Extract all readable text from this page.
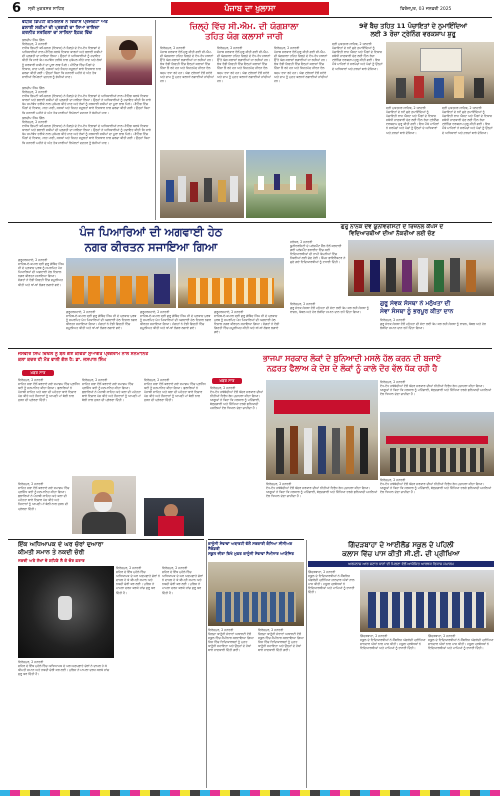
6 ਸ੍ਰੀ ਮੁਕਤਸਰ ਸਾਹਿਬ	ਪੰਜਾਬ ਦਾ ਖੁਲਾਸਾ	ਫਿਰੋਜ਼ਪੁਰ, 03 ਜਨਵਰੀ 2025
ਵਧੀਕ ਡਿਪਟੀ ਕਮਿਸ਼ਨਰ ਨੇ ਵਿਕਾਸ ਪ੍ਰੋਜੈਕਟਾਂ ਅਤੇ
ਭਲਾਈ ਸਕੀਮਾਂ ਦੀ ਪ੍ਰਗਤੀ ਦਾ ਲਿਆ ਜਾਇਜ਼ਾ
ਕਰਨੀਤ ਸਰਕਿਲਾ ਦਾ ਸਾਲਿਨਾ ਬੈਠਕ ਵਿੱਚ
ਕੁਲਦੀਪ ਸਿੰਘ ਗਿੱਲ
ਫਿਰੋਜ਼ਪੁਰ, 2 ਜਨਵਰੀ
ਵਧੀਕ ਡਿਪਟੀ ਕਮਿਸ਼ਨਰ (ਵਿਕਾਸ) ਨੇ ਜ਼ਿਲ੍ਹੇ ਦੇ ਵੱਖ-ਵੱਖ ਵਿਭਾਗਾਂ ਦੇ ਅਧਿਕਾਰੀਆਂ ਨਾਲ ਮੀਟਿੰਗ ਕਰਕੇ ਵਿਕਾਸ ਕਾਰਜਾਂ ਅਤੇ ਭਲਾਈ ਸਕੀਮਾਂ ਦੀ ਪ੍ਰਗਤੀ ਦਾ ਜਾਇਜ਼ਾ ਲਿਆ। ਉਨ੍ਹਾਂ ਨੇ ਅਧਿਕਾਰੀਆਂ ਨੂੰ ਹਦਾਇਤ ਕੀਤੀ ਕਿ ਸਾਰੇ ਕੰਮ ਸਮਾਂਬੱਧ ਤਰੀਕੇ ਨਾਲ ਮੁਕੰਮਲ ਕੀਤੇ ਜਾਣ ਅਤੇ ਲੋਕਾਂ ਨੂੰ ਸਰਕਾਰੀ ਸਕੀਮਾਂ ਦਾ ਪੂਰਾ ਲਾਭ ਮਿਲੇ। ਮੀਟਿੰਗ ਵਿੱਚ ਪਿੰਡਾਂ ਦੇ ਵਿਕਾਸ, ਸਾਫ਼ ਪਾਣੀ, ਸੜਕਾਂ ਅਤੇ ਸਿਹਤ ਸਹੂਲਤਾਂ ਬਾਰੇ ਵਿਸਥਾਰ ਨਾਲ ਚਰਚਾ ਕੀਤੀ ਗਈ। ਉਨ੍ਹਾਂ ਕਿਹਾ ਕਿ ਜਨਵਰੀ ਮਹੀਨੇ ਦੇ ਅੰਤ ਤੱਕ ਸਾਰੀਆਂ ਰਿਪੋਰਟਾਂ ਦਫ਼ਤਰ ਨੂੰ ਭੇਜੀਆਂ ਜਾਣ।
ਕੁਲਦੀਪ ਸਿੰਘ ਗਿੱਲ
ਫਿਰੋਜ਼ਪੁਰ, 2 ਜਨਵਰੀ
ਵਧੀਕ ਡਿਪਟੀ ਕਮਿਸ਼ਨਰ (ਵਿਕਾਸ) ਨੇ ਜ਼ਿਲ੍ਹੇ ਦੇ ਵੱਖ-ਵੱਖ ਵਿਭਾਗਾਂ ਦੇ ਅਧਿਕਾਰੀਆਂ ਨਾਲ ਮੀਟਿੰਗ ਕਰਕੇ ਵਿਕਾਸ ਕਾਰਜਾਂ ਅਤੇ ਭਲਾਈ ਸਕੀਮਾਂ ਦੀ ਪ੍ਰਗਤੀ ਦਾ ਜਾਇਜ਼ਾ ਲਿਆ। ਉਨ੍ਹਾਂ ਨੇ ਅਧਿਕਾਰੀਆਂ ਨੂੰ ਹਦਾਇਤ ਕੀਤੀ ਕਿ ਸਾਰੇ ਕੰਮ ਸਮਾਂਬੱਧ ਤਰੀਕੇ ਨਾਲ ਮੁਕੰਮਲ ਕੀਤੇ ਜਾਣ ਅਤੇ ਲੋਕਾਂ ਨੂੰ ਸਰਕਾਰੀ ਸਕੀਮਾਂ ਦਾ ਪੂਰਾ ਲਾਭ ਮਿਲੇ। ਮੀਟਿੰਗ ਵਿੱਚ ਪਿੰਡਾਂ ਦੇ ਵਿਕਾਸ, ਸਾਫ਼ ਪਾਣੀ, ਸੜਕਾਂ ਅਤੇ ਸਿਹਤ ਸਹੂਲਤਾਂ ਬਾਰੇ ਵਿਸਥਾਰ ਨਾਲ ਚਰਚਾ ਕੀਤੀ ਗਈ। ਉਨ੍ਹਾਂ ਕਿਹਾ ਕਿ ਜਨਵਰੀ ਮਹੀਨੇ ਦੇ ਅੰਤ ਤੱਕ ਸਾਰੀਆਂ ਰਿਪੋਰਟਾਂ ਦਫ਼ਤਰ ਨੂੰ ਭੇਜੀਆਂ ਜਾਣ।
ਜ਼ਿਲ੍ਹੇ ਵਿੱਚ ਸੀ.ਐਮ. ਦੀ ਯੋਗਸ਼ਾਲਾ
ਤਹਿਤ ਯੋਗ ਕਲਾਸਾਂ ਜਾਰੀ
ਫਿਰੋਜ਼ਪੁਰ, 2 ਜਨਵਰੀ
ਪੰਜਾਬ ਸਰਕਾਰ ਵੱਲੋਂ ਸ਼ੁਰੂ ਕੀਤੀ ਗਈ ਸੀ.ਐਮ. ਦੀ ਯੋਗਸ਼ਾਲਾ ਤਹਿਤ ਜ਼ਿਲ੍ਹੇ ਦੇ ਵੱਖ-ਵੱਖ ਸਥਾਨਾਂ ਉੱਤੇ ਯੋਗ ਕਲਾਸਾਂ ਲਗਾਈਆਂ ਜਾ ਰਹੀਆਂ ਹਨ। ਲੋਕ ਵੱਡੀ ਗਿਣਤੀ ਵਿੱਚ ਇਨ੍ਹਾਂ ਕਲਾਸਾਂ ਵਿੱਚ ਹਿੱਸਾ ਲੈ ਰਹੇ ਹਨ ਅਤੇ ਸਿਹਤਮੰਦ ਜੀਵਨ ਵੱਲ ਕਦਮ ਵਧਾ ਰਹੇ ਹਨ। ਯੋਗ ਟ੍ਰੇਨਰਾਂ ਵੱਲੋਂ ਸਵੇਰੇ ਅਤੇ ਸ਼ਾਮ ਨੂੰ ਮੁਫ਼ਤ ਕਲਾਸਾਂ ਲਗਾਈਆਂ ਜਾਂਦੀਆਂ ਹਨ।
ਫਿਰੋਜ਼ਪੁਰ, 2 ਜਨਵਰੀ
ਪੰਜਾਬ ਸਰਕਾਰ ਵੱਲੋਂ ਸ਼ੁਰੂ ਕੀਤੀ ਗਈ ਸੀ.ਐਮ. ਦੀ ਯੋਗਸ਼ਾਲਾ ਤਹਿਤ ਜ਼ਿਲ੍ਹੇ ਦੇ ਵੱਖ-ਵੱਖ ਸਥਾਨਾਂ ਉੱਤੇ ਯੋਗ ਕਲਾਸਾਂ ਲਗਾਈਆਂ ਜਾ ਰਹੀਆਂ ਹਨ। ਲੋਕ ਵੱਡੀ ਗਿਣਤੀ ਵਿੱਚ ਇਨ੍ਹਾਂ ਕਲਾਸਾਂ ਵਿੱਚ ਹਿੱਸਾ ਲੈ ਰਹੇ ਹਨ ਅਤੇ ਸਿਹਤਮੰਦ ਜੀਵਨ ਵੱਲ ਕਦਮ ਵਧਾ ਰਹੇ ਹਨ। ਯੋਗ ਟ੍ਰੇਨਰਾਂ ਵੱਲੋਂ ਸਵੇਰੇ ਅਤੇ ਸ਼ਾਮ ਨੂੰ ਮੁਫ਼ਤ ਕਲਾਸਾਂ ਲਗਾਈਆਂ ਜਾਂਦੀਆਂ ਹਨ।
ਫਿਰੋਜ਼ਪੁਰ, 2 ਜਨਵਰੀ
ਪੰਜਾਬ ਸਰਕਾਰ ਵੱਲੋਂ ਸ਼ੁਰੂ ਕੀਤੀ ਗਈ ਸੀ.ਐਮ. ਦੀ ਯੋਗਸ਼ਾਲਾ ਤਹਿਤ ਜ਼ਿਲ੍ਹੇ ਦੇ ਵੱਖ-ਵੱਖ ਸਥਾਨਾਂ ਉੱਤੇ ਯੋਗ ਕਲਾਸਾਂ ਲਗਾਈਆਂ ਜਾ ਰਹੀਆਂ ਹਨ। ਲੋਕ ਵੱਡੀ ਗਿਣਤੀ ਵਿੱਚ ਇਨ੍ਹਾਂ ਕਲਾਸਾਂ ਵਿੱਚ ਹਿੱਸਾ ਲੈ ਰਹੇ ਹਨ ਅਤੇ ਸਿਹਤਮੰਦ ਜੀਵਨ ਵੱਲ ਕਦਮ ਵਧਾ ਰਹੇ ਹਨ। ਯੋਗ ਟ੍ਰੇਨਰਾਂ ਵੱਲੋਂ ਸਵੇਰੇ ਅਤੇ ਸ਼ਾਮ ਨੂੰ ਮੁਫ਼ਤ ਕਲਾਸਾਂ ਲਗਾਈਆਂ ਜਾਂਦੀਆਂ ਹਨ।
9ਵੇਂ ਬੈਚ ਤਹਿਤ 11 ਪੰਚਾਇਤਾਂ ਦੇ ਨੁਮਾਇੰਦਿਆਂ
ਲਈ 3 ਰੋਜ਼ਾ ਟ੍ਰੇਨਿੰਗ ਵਰਕਸ਼ਾਪ ਸ਼ੁਰੂ
ਸ੍ਰੀ ਮੁਕਤਸਰ ਸਾਹਿਬ, 2 ਜਨਵਰੀ
ਪੰਚਾਇਤਾਂ ਦੇ ਨਵੇਂ ਚੁਣੇ ਨੁਮਾਇੰਦਿਆਂ ਨੂੰ ਪੰਚਾਇਤੀ ਰਾਜ ਐਕਟ ਅਤੇ ਪਿੰਡਾਂ ਦੇ ਵਿਕਾਸ ਸਬੰਧੀ ਜਾਣਕਾਰੀ ਦੇਣ ਲਈ ਤਿੰਨ ਰੋਜ਼ਾ ਟ੍ਰੇਨਿੰਗ ਵਰਕਸ਼ਾਪ ਸ਼ੁਰੂ ਕੀਤੀ ਗਈ। ਇਸ ਮੌਕੇ ਮਾਹਿਰਾਂ ਨੇ ਸਰਪੰਚਾਂ ਅਤੇ ਪੰਚਾਂ ਨੂੰ ਉਨ੍ਹਾਂ ਦੇ ਅਧਿਕਾਰਾਂ ਅਤੇ ਫ਼ਰਜ਼ਾਂ ਬਾਰੇ ਦੱਸਿਆ।
ਸ੍ਰੀ ਮੁਕਤਸਰ ਸਾਹਿਬ, 2 ਜਨਵਰੀ
ਪੰਚਾਇਤਾਂ ਦੇ ਨਵੇਂ ਚੁਣੇ ਨੁਮਾਇੰਦਿਆਂ ਨੂੰ ਪੰਚਾਇਤੀ ਰਾਜ ਐਕਟ ਅਤੇ ਪਿੰਡਾਂ ਦੇ ਵਿਕਾਸ ਸਬੰਧੀ ਜਾਣਕਾਰੀ ਦੇਣ ਲਈ ਤਿੰਨ ਰੋਜ਼ਾ ਟ੍ਰੇਨਿੰਗ ਵਰਕਸ਼ਾਪ ਸ਼ੁਰੂ ਕੀਤੀ ਗਈ। ਇਸ ਮੌਕੇ ਮਾਹਿਰਾਂ ਨੇ ਸਰਪੰਚਾਂ ਅਤੇ ਪੰਚਾਂ ਨੂੰ ਉਨ੍ਹਾਂ ਦੇ ਅਧਿਕਾਰਾਂ ਅਤੇ ਫ਼ਰਜ਼ਾਂ ਬਾਰੇ ਦੱਸਿਆ।
ਸ੍ਰੀ ਮੁਕਤਸਰ ਸਾਹਿਬ, 2 ਜਨਵਰੀ
ਪੰਚਾਇਤਾਂ ਦੇ ਨਵੇਂ ਚੁਣੇ ਨੁਮਾਇੰਦਿਆਂ ਨੂੰ ਪੰਚਾਇਤੀ ਰਾਜ ਐਕਟ ਅਤੇ ਪਿੰਡਾਂ ਦੇ ਵਿਕਾਸ ਸਬੰਧੀ ਜਾਣਕਾਰੀ ਦੇਣ ਲਈ ਤਿੰਨ ਰੋਜ਼ਾ ਟ੍ਰੇਨਿੰਗ ਵਰਕਸ਼ਾਪ ਸ਼ੁਰੂ ਕੀਤੀ ਗਈ। ਇਸ ਮੌਕੇ ਮਾਹਿਰਾਂ ਨੇ ਸਰਪੰਚਾਂ ਅਤੇ ਪੰਚਾਂ ਨੂੰ ਉਨ੍ਹਾਂ ਦੇ ਅਧਿਕਾਰਾਂ ਅਤੇ ਫ਼ਰਜ਼ਾਂ ਬਾਰੇ ਦੱਸਿਆ।
ਕੁਲਦੀਪ ਸਿੰਘ ਗਿੱਲ
ਫਿਰੋਜ਼ਪੁਰ, 2 ਜਨਵਰੀ
ਵਧੀਕ ਡਿਪਟੀ ਕਮਿਸ਼ਨਰ (ਵਿਕਾਸ) ਨੇ ਜ਼ਿਲ੍ਹੇ ਦੇ ਵੱਖ-ਵੱਖ ਵਿਭਾਗਾਂ ਦੇ ਅਧਿਕਾਰੀਆਂ ਨਾਲ ਮੀਟਿੰਗ ਕਰਕੇ ਵਿਕਾਸ ਕਾਰਜਾਂ ਅਤੇ ਭਲਾਈ ਸਕੀਮਾਂ ਦੀ ਪ੍ਰਗਤੀ ਦਾ ਜਾਇਜ਼ਾ ਲਿਆ। ਉਨ੍ਹਾਂ ਨੇ ਅਧਿਕਾਰੀਆਂ ਨੂੰ ਹਦਾਇਤ ਕੀਤੀ ਕਿ ਸਾਰੇ ਕੰਮ ਸਮਾਂਬੱਧ ਤਰੀਕੇ ਨਾਲ ਮੁਕੰਮਲ ਕੀਤੇ ਜਾਣ ਅਤੇ ਲੋਕਾਂ ਨੂੰ ਸਰਕਾਰੀ ਸਕੀਮਾਂ ਦਾ ਪੂਰਾ ਲਾਭ ਮਿਲੇ। ਮੀਟਿੰਗ ਵਿੱਚ ਪਿੰਡਾਂ ਦੇ ਵਿਕਾਸ, ਸਾਫ਼ ਪਾਣੀ, ਸੜਕਾਂ ਅਤੇ ਸਿਹਤ ਸਹੂਲਤਾਂ ਬਾਰੇ ਵਿਸਥਾਰ ਨਾਲ ਚਰਚਾ ਕੀਤੀ ਗਈ। ਉਨ੍ਹਾਂ ਕਿਹਾ ਕਿ ਜਨਵਰੀ ਮਹੀਨੇ ਦੇ ਅੰਤ ਤੱਕ ਸਾਰੀਆਂ ਰਿਪੋਰਟਾਂ ਦਫ਼ਤਰ ਨੂੰ ਭੇਜੀਆਂ ਜਾਣ।
ਪੰਜ ਪਿਆਰਿਆਂ ਦੀ ਅਗਵਾਈ ਹੇਠ
ਨਗਰ ਕੀਰਤਨ ਸਜਾਇਆ ਗਿਆ
ਗੁਰੂਹਰਸਹਾਏ, 2 ਜਨਵਰੀ
ਸਾਹਿਬ-ਏ-ਕਮਾਲ ਸ੍ਰੀ ਗੁਰੂ ਗੋਬਿੰਦ ਸਿੰਘ ਜੀ ਦੇ ਪ੍ਰਕਾਸ਼ ਪੁਰਬ ਨੂੰ ਸਮਰਪਿਤ ਪੰਜ ਪਿਆਰਿਆਂ ਦੀ ਅਗਵਾਈ ਹੇਠ ਵਿਸ਼ਾਲ ਨਗਰ ਕੀਰਤਨ ਸਜਾਇਆ ਗਿਆ। ਸੰਗਤਾਂ ਨੇ ਵੱਡੀ ਗਿਣਤੀ ਵਿੱਚ ਸ਼ਮੂਲੀਅਤ ਕੀਤੀ ਅਤੇ ਥਾਂ-ਥਾਂ ਲੰਗਰ ਲਗਾਏ ਗਏ।
ਗੁਰੂਹਰਸਹਾਏ, 2 ਜਨਵਰੀ
ਸਾਹਿਬ-ਏ-ਕਮਾਲ ਸ੍ਰੀ ਗੁਰੂ ਗੋਬਿੰਦ ਸਿੰਘ ਜੀ ਦੇ ਪ੍ਰਕਾਸ਼ ਪੁਰਬ ਨੂੰ ਸਮਰਪਿਤ ਪੰਜ ਪਿਆਰਿਆਂ ਦੀ ਅਗਵਾਈ ਹੇਠ ਵਿਸ਼ਾਲ ਨਗਰ ਕੀਰਤਨ ਸਜਾਇਆ ਗਿਆ। ਸੰਗਤਾਂ ਨੇ ਵੱਡੀ ਗਿਣਤੀ ਵਿੱਚ ਸ਼ਮੂਲੀਅਤ ਕੀਤੀ ਅਤੇ ਥਾਂ-ਥਾਂ ਲੰਗਰ ਲਗਾਏ ਗਏ।
ਗੁਰੂਹਰਸਹਾਏ, 2 ਜਨਵਰੀ
ਸਾਹਿਬ-ਏ-ਕਮਾਲ ਸ੍ਰੀ ਗੁਰੂ ਗੋਬਿੰਦ ਸਿੰਘ ਜੀ ਦੇ ਪ੍ਰਕਾਸ਼ ਪੁਰਬ ਨੂੰ ਸਮਰਪਿਤ ਪੰਜ ਪਿਆਰਿਆਂ ਦੀ ਅਗਵਾਈ ਹੇਠ ਵਿਸ਼ਾਲ ਨਗਰ ਕੀਰਤਨ ਸਜਾਇਆ ਗਿਆ। ਸੰਗਤਾਂ ਨੇ ਵੱਡੀ ਗਿਣਤੀ ਵਿੱਚ ਸ਼ਮੂਲੀਅਤ ਕੀਤੀ ਅਤੇ ਥਾਂ-ਥਾਂ ਲੰਗਰ ਲਗਾਏ ਗਏ।
ਗੁਰੂਹਰਸਹਾਏ, 2 ਜਨਵਰੀ
ਸਾਹਿਬ-ਏ-ਕਮਾਲ ਸ੍ਰੀ ਗੁਰੂ ਗੋਬਿੰਦ ਸਿੰਘ ਜੀ ਦੇ ਪ੍ਰਕਾਸ਼ ਪੁਰਬ ਨੂੰ ਸਮਰਪਿਤ ਪੰਜ ਪਿਆਰਿਆਂ ਦੀ ਅਗਵਾਈ ਹੇਠ ਵਿਸ਼ਾਲ ਨਗਰ ਕੀਰਤਨ ਸਜਾਇਆ ਗਿਆ। ਸੰਗਤਾਂ ਨੇ ਵੱਡੀ ਗਿਣਤੀ ਵਿੱਚ ਸ਼ਮੂਲੀਅਤ ਕੀਤੀ ਅਤੇ ਥਾਂ-ਥਾਂ ਲੰਗਰ ਲਗਾਏ ਗਏ।
ਗੁਰੂ ਨਾਨਕ ਦੇਵ ਯੂਨੀਵਰਸਿਟੀ ਦੇ ਰਿਜ਼ਨਲ ਕੈਂਪਸ ਦੇ
ਵਿਦਿਆਰਥੀਆਂ ਦੀਆਂ ਨੌਕਰੀਆਂ ਲਈ ਚੋਣ
ਜਲੰਧਰ, 2 ਜਨਵਰੀ
ਯੂਨੀਵਰਸਿਟੀ ਦੇ ਪਲੇਸਮੈਂਟ ਸੈੱਲ ਵੱਲੋਂ ਕਰਵਾਈ ਗਈ ਪਲੇਸਮੈਂਟ ਡਰਾਈਵ ਵਿੱਚ ਕਈ ਵਿਦਿਆਰਥੀਆਂ ਦੀ ਨਾਮੀ ਕੰਪਨੀਆਂ ਵਿੱਚ ਨੌਕਰੀਆਂ ਲਈ ਚੋਣ ਹੋਈ। ਕੈਂਪਸ ਡਾਇਰੈਕਟਰ ਨੇ ਚੁਣੇ ਗਏ ਵਿਦਿਆਰਥੀਆਂ ਨੂੰ ਵਧਾਈ ਦਿੱਤੀ।
ਗੁਰੂ ਸੇਵਕ ਸੰਸਥਾ ਨੇ ਮਨੁੱਖਤਾ ਦੀ
ਸੇਵਾ ਸੰਸਥਾ ਨੂੰ ਭਰਪੂਰ ਕੀਤਾ ਦਾਨ
ਫਿਰੋਜ਼ਪੁਰ, 2 ਜਨਵਰੀ
ਗੁਰੂ ਸੇਵਕ ਸੰਸਥਾ ਵੱਲੋਂ ਮਨੁੱਖਤਾ ਦੀ ਸੇਵਾ ਲਈ ਕੰਮ ਕਰ ਰਹੀ ਸੰਸਥਾ ਨੂੰ ਰਾਸ਼ਨ, ਕੰਬਲ ਅਤੇ ਹੋਰ ਲੋੜੀਂਦਾ ਸਮਾਨ ਦਾਨ ਵਜੋਂ ਦਿੱਤਾ ਗਿਆ।
ਫਿਰੋਜ਼ਪੁਰ, 2 ਜਨਵਰੀ
ਗੁਰੂ ਸੇਵਕ ਸੰਸਥਾ ਵੱਲੋਂ ਮਨੁੱਖਤਾ ਦੀ ਸੇਵਾ ਲਈ ਕੰਮ ਕਰ ਰਹੀ ਸੰਸਥਾ ਨੂੰ ਰਾਸ਼ਨ, ਕੰਬਲ ਅਤੇ ਹੋਰ ਲੋੜੀਂਦਾ ਸਮਾਨ ਦਾਨ ਵਜੋਂ ਦਿੱਤਾ ਗਿਆ।
ਜਸਵੀਰ ਸਿੰਘ ਦਿਓਲ ਨੂੰ ਬਲੋਂ ਗਏ ਕਵਿਤਾ ਸੁਆਗਤ ਪ੍ਰੋਗਰਾਮ ਨਾਲ ਸਨਮਾਨਿਤ
ਕਲਾ ਕਦਰ ਹੀ ਮੌਤ ਵਾਲੀ ਗੱਲ ਹੈ: ਡਾ. ਜਸਪਾਲ ਸਿੰਘ
ਖ਼ਬਰ ਸਾਰ
ਫਿਰੋਜ਼ਪੁਰ, 2 ਜਨਵਰੀ
ਸਾਹਿਤ ਸਭਾ ਵੱਲੋਂ ਕਰਵਾਏ ਗਏ ਸਮਾਗਮ ਵਿੱਚ ਪ੍ਰਸਿੱਧ ਕਵੀ ਨੂੰ ਸਨਮਾਨਿਤ ਕੀਤਾ ਗਿਆ। ਬੁਲਾਰਿਆਂ ਨੇ ਪੰਜਾਬੀ ਸਾਹਿਤ ਅਤੇ ਕਲਾ ਦੀ ਮਹੱਤਤਾ ਬਾਰੇ ਵਿਚਾਰ ਪੇਸ਼ ਕੀਤੇ ਅਤੇ ਨੌਜਵਾਨਾਂ ਨੂੰ ਆਪਣੀ ਮਾਂ ਬੋਲੀ ਨਾਲ ਜੁੜਨ ਦੀ ਪ੍ਰੇਰਣਾ ਦਿੱਤੀ।
ਫਿਰੋਜ਼ਪੁਰ, 2 ਜਨਵਰੀ
ਸਾਹਿਤ ਸਭਾ ਵੱਲੋਂ ਕਰਵਾਏ ਗਏ ਸਮਾਗਮ ਵਿੱਚ ਪ੍ਰਸਿੱਧ ਕਵੀ ਨੂੰ ਸਨਮਾਨਿਤ ਕੀਤਾ ਗਿਆ। ਬੁਲਾਰਿਆਂ ਨੇ ਪੰਜਾਬੀ ਸਾਹਿਤ ਅਤੇ ਕਲਾ ਦੀ ਮਹੱਤਤਾ ਬਾਰੇ ਵਿਚਾਰ ਪੇਸ਼ ਕੀਤੇ ਅਤੇ ਨੌਜਵਾਨਾਂ ਨੂੰ ਆਪਣੀ ਮਾਂ ਬੋਲੀ ਨਾਲ ਜੁੜਨ ਦੀ ਪ੍ਰੇਰਣਾ ਦਿੱਤੀ।
ਫਿਰੋਜ਼ਪੁਰ, 2 ਜਨਵਰੀ
ਸਾਹਿਤ ਸਭਾ ਵੱਲੋਂ ਕਰਵਾਏ ਗਏ ਸਮਾਗਮ ਵਿੱਚ ਪ੍ਰਸਿੱਧ ਕਵੀ ਨੂੰ ਸਨਮਾਨਿਤ ਕੀਤਾ ਗਿਆ। ਬੁਲਾਰਿਆਂ ਨੇ ਪੰਜਾਬੀ ਸਾਹਿਤ ਅਤੇ ਕਲਾ ਦੀ ਮਹੱਤਤਾ ਬਾਰੇ ਵਿਚਾਰ ਪੇਸ਼ ਕੀਤੇ ਅਤੇ ਨੌਜਵਾਨਾਂ ਨੂੰ ਆਪਣੀ ਮਾਂ ਬੋਲੀ ਨਾਲ ਜੁੜਨ ਦੀ ਪ੍ਰੇਰਣਾ ਦਿੱਤੀ।
ਫਿਰੋਜ਼ਪੁਰ, 2 ਜਨਵਰੀ
ਸਾਹਿਤ ਸਭਾ ਵੱਲੋਂ ਕਰਵਾਏ ਗਏ ਸਮਾਗਮ ਵਿੱਚ ਪ੍ਰਸਿੱਧ ਕਵੀ ਨੂੰ ਸਨਮਾਨਿਤ ਕੀਤਾ ਗਿਆ। ਬੁਲਾਰਿਆਂ ਨੇ ਪੰਜਾਬੀ ਸਾਹਿਤ ਅਤੇ ਕਲਾ ਦੀ ਮਹੱਤਤਾ ਬਾਰੇ ਵਿਚਾਰ ਪੇਸ਼ ਕੀਤੇ ਅਤੇ ਨੌਜਵਾਨਾਂ ਨੂੰ ਆਪਣੀ ਮਾਂ ਬੋਲੀ ਨਾਲ ਜੁੜਨ ਦੀ ਪ੍ਰੇਰਣਾ ਦਿੱਤੀ।
ਭਾਜਪਾ ਸਰਕਾਰ ਲੋਕਾਂ ਦੇ ਬੁਨਿਆਦੀ ਮਸਲੇ ਹੱਲ ਕਰਨ ਦੀ ਬਜਾਏ
ਨਫ਼ਰਤ ਫੈਲਾਅ ਕੇ ਦੇਸ਼ ਦੇ ਲੋਕਾਂ ਨੂੰ ਕਾਲੇ ਦੌਰ ਵੱਲ ਧੱਕ ਰਹੀ ਹੈ
ਖ਼ਬਰ ਸਾਰ
ਫਿਰੋਜ਼ਪੁਰ, 2 ਜਨਵਰੀ
ਵੱਖ-ਵੱਖ ਜਥੇਬੰਦੀਆਂ ਵੱਲੋਂ ਕੇਂਦਰ ਸਰਕਾਰ ਦੀਆਂ ਨੀਤੀਆਂ ਵਿਰੁੱਧ ਰੋਸ ਮੁਜ਼ਾਹਰਾ ਕੀਤਾ ਗਿਆ। ਆਗੂਆਂ ਨੇ ਕਿਹਾ ਕਿ ਸਰਕਾਰ ਨੂੰ ਮਹਿੰਗਾਈ, ਬੇਰੁਜ਼ਗਾਰੀ ਅਤੇ ਸਿੱਖਿਆ ਵਰਗੇ ਬੁਨਿਆਦੀ ਮਸਲਿਆਂ ਵੱਲ ਧਿਆਨ ਦੇਣਾ ਚਾਹੀਦਾ ਹੈ।
ਫਿਰੋਜ਼ਪੁਰ, 2 ਜਨਵਰੀ
ਵੱਖ-ਵੱਖ ਜਥੇਬੰਦੀਆਂ ਵੱਲੋਂ ਕੇਂਦਰ ਸਰਕਾਰ ਦੀਆਂ ਨੀਤੀਆਂ ਵਿਰੁੱਧ ਰੋਸ ਮੁਜ਼ਾਹਰਾ ਕੀਤਾ ਗਿਆ। ਆਗੂਆਂ ਨੇ ਕਿਹਾ ਕਿ ਸਰਕਾਰ ਨੂੰ ਮਹਿੰਗਾਈ, ਬੇਰੁਜ਼ਗਾਰੀ ਅਤੇ ਸਿੱਖਿਆ ਵਰਗੇ ਬੁਨਿਆਦੀ ਮਸਲਿਆਂ ਵੱਲ ਧਿਆਨ ਦੇਣਾ ਚਾਹੀਦਾ ਹੈ।
ਫਿਰੋਜ਼ਪੁਰ, 2 ਜਨਵਰੀ
ਵੱਖ-ਵੱਖ ਜਥੇਬੰਦੀਆਂ ਵੱਲੋਂ ਕੇਂਦਰ ਸਰਕਾਰ ਦੀਆਂ ਨੀਤੀਆਂ ਵਿਰੁੱਧ ਰੋਸ ਮੁਜ਼ਾਹਰਾ ਕੀਤਾ ਗਿਆ। ਆਗੂਆਂ ਨੇ ਕਿਹਾ ਕਿ ਸਰਕਾਰ ਨੂੰ ਮਹਿੰਗਾਈ, ਬੇਰੁਜ਼ਗਾਰੀ ਅਤੇ ਸਿੱਖਿਆ ਵਰਗੇ ਬੁਨਿਆਦੀ ਮਸਲਿਆਂ ਵੱਲ ਧਿਆਨ ਦੇਣਾ ਚਾਹੀਦਾ ਹੈ।
ਫਿਰੋਜ਼ਪੁਰ, 2 ਜਨਵਰੀ
ਵੱਖ-ਵੱਖ ਜਥੇਬੰਦੀਆਂ ਵੱਲੋਂ ਕੇਂਦਰ ਸਰਕਾਰ ਦੀਆਂ ਨੀਤੀਆਂ ਵਿਰੁੱਧ ਰੋਸ ਮੁਜ਼ਾਹਰਾ ਕੀਤਾ ਗਿਆ। ਆਗੂਆਂ ਨੇ ਕਿਹਾ ਕਿ ਸਰਕਾਰ ਨੂੰ ਮਹਿੰਗਾਈ, ਬੇਰੁਜ਼ਗਾਰੀ ਅਤੇ ਸਿੱਖਿਆ ਵਰਗੇ ਬੁਨਿਆਦੀ ਮਸਲਿਆਂ ਵੱਲ ਧਿਆਨ ਦੇਣਾ ਚਾਹੀਦਾ ਹੈ।
ਇੱਕ ਅਧਿਆਪਕ ਦੇ ਘਰ ਚੋਰਾਂ ਦੁਆਰਾ
ਕੀਮਤੀ ਸਮਾਨ ਤੇ ਨਕਦੀ ਚੋਰੀ
ਨਕਦੀ ਅਤੇ ਲੱਖਾਂ ਦੇ ਗਹਿਣੇ ਲੈ ਕੇ ਚੋਰ ਫ਼ਰਾਰ
ਫਿਰੋਜ਼ਪੁਰ, 2 ਜਨਵਰੀ
ਸ਼ਹਿਰ ਦੇ ਇੱਕ ਮੁਹੱਲੇ ਵਿੱਚ ਅਧਿਆਪਕ ਦੇ ਘਰ ਅਣਪਛਾਤੇ ਚੋਰਾਂ ਨੇ ਦਾਖ਼ਲ ਹੋ ਕੇ ਕੀਮਤੀ ਸਮਾਨ ਅਤੇ ਨਕਦੀ ਚੋਰੀ ਕਰ ਲਈ। ਪੁਲਿਸ ਨੇ ਮਾਮਲਾ ਦਰਜ ਕਰਕੇ ਜਾਂਚ ਸ਼ੁਰੂ ਕਰ ਦਿੱਤੀ ਹੈ।
ਫਿਰੋਜ਼ਪੁਰ, 2 ਜਨਵਰੀ
ਸ਼ਹਿਰ ਦੇ ਇੱਕ ਮੁਹੱਲੇ ਵਿੱਚ ਅਧਿਆਪਕ ਦੇ ਘਰ ਅਣਪਛਾਤੇ ਚੋਰਾਂ ਨੇ ਦਾਖ਼ਲ ਹੋ ਕੇ ਕੀਮਤੀ ਸਮਾਨ ਅਤੇ ਨਕਦੀ ਚੋਰੀ ਕਰ ਲਈ। ਪੁਲਿਸ ਨੇ ਮਾਮਲਾ ਦਰਜ ਕਰਕੇ ਜਾਂਚ ਸ਼ੁਰੂ ਕਰ ਦਿੱਤੀ ਹੈ।
ਫਿਰੋਜ਼ਪੁਰ, 2 ਜਨਵਰੀ
ਸ਼ਹਿਰ ਦੇ ਇੱਕ ਮੁਹੱਲੇ ਵਿੱਚ ਅਧਿਆਪਕ ਦੇ ਘਰ ਅਣਪਛਾਤੇ ਚੋਰਾਂ ਨੇ ਦਾਖ਼ਲ ਹੋ ਕੇ ਕੀਮਤੀ ਸਮਾਨ ਅਤੇ ਨਕਦੀ ਚੋਰੀ ਕਰ ਲਈ। ਪੁਲਿਸ ਨੇ ਮਾਮਲਾ ਦਰਜ ਕਰਕੇ ਜਾਂਚ ਸ਼ੁਰੂ ਕਰ ਦਿੱਤੀ ਹੈ।
ਕਾਨੂੰਨੀ ਸੇਵਾਵਾਂ ਅਥਾਰਟੀ ਵੱਲੋਂ ਸਰਕਾਰੀ ਕੰਨਿਆ ਸੀਨੀਅਰ ਸੈਕੰਡਰੀ
ਸਕੂਲ ਜ਼ੀਰਾ ਵਿਖੇ ਮੁਫ਼ਤ ਕਾਨੂੰਨੀ ਸੇਵਾਵਾਂ ਸੈਮੀਨਾਰ ਆਯੋਜਿਤ
ਫਿਰੋਜ਼ਪੁਰ, 2 ਜਨਵਰੀ
ਜ਼ਿਲ੍ਹਾ ਕਾਨੂੰਨੀ ਸੇਵਾਵਾਂ ਅਥਾਰਟੀ ਵੱਲੋਂ ਸਕੂਲ ਵਿੱਚ ਸੈਮੀਨਾਰ ਕਰਵਾਇਆ ਗਿਆ ਜਿਸ ਵਿੱਚ ਵਿਦਿਆਰਥਣਾਂ ਨੂੰ ਮੁਫ਼ਤ ਕਾਨੂੰਨੀ ਸਹਾਇਤਾ ਅਤੇ ਉਨ੍ਹਾਂ ਦੇ ਹੱਕਾਂ ਬਾਰੇ ਜਾਣਕਾਰੀ ਦਿੱਤੀ ਗਈ।
ਫਿਰੋਜ਼ਪੁਰ, 2 ਜਨਵਰੀ
ਜ਼ਿਲ੍ਹਾ ਕਾਨੂੰਨੀ ਸੇਵਾਵਾਂ ਅਥਾਰਟੀ ਵੱਲੋਂ ਸਕੂਲ ਵਿੱਚ ਸੈਮੀਨਾਰ ਕਰਵਾਇਆ ਗਿਆ ਜਿਸ ਵਿੱਚ ਵਿਦਿਆਰਥਣਾਂ ਨੂੰ ਮੁਫ਼ਤ ਕਾਨੂੰਨੀ ਸਹਾਇਤਾ ਅਤੇ ਉਨ੍ਹਾਂ ਦੇ ਹੱਕਾਂ ਬਾਰੇ ਜਾਣਕਾਰੀ ਦਿੱਤੀ ਗਈ।
ਗਿੱਦੜਬਾਹਾ ਦੇ ਆਈਲੈਂਡ ਸਕੂਲ ਦੇ ਪਹਿਲੀ
ਕਲਾਸ ਵਿੱਚ ਪਾਸ ਕੀਤੀ ਸੀ.ਈ. ਦੀ ਪ੍ਰੀਖਿਆ
ਅਰਜਨਾਸ਼ ਆਰ ਸਟਾਰ ਧਾਨਾਂ ਦੀ ਮਿਲਣਾ ਵੱਲੋਂ ਆਯੋਜਿਤ ਆਰਥਕ ਵਿਕਾਸ ਸਮਾਗਮ
ਗਿੱਦੜਬਾਹਾ, 2 ਜਨਵਰੀ
ਸਕੂਲ ਦੇ ਵਿਦਿਆਰਥੀਆਂ ਨੇ ਕੈਂਬਰਿਜ ਅੰਗਰੇਜ਼ੀ ਪ੍ਰੀਖਿਆ ਸ਼ਾਨਦਾਰ ਅੰਕਾਂ ਨਾਲ ਪਾਸ ਕੀਤੀ। ਸਕੂਲ ਪ੍ਰਬੰਧਕਾਂ ਨੇ ਵਿਦਿਆਰਥੀਆਂ ਅਤੇ ਮਾਪਿਆਂ ਨੂੰ ਵਧਾਈ ਦਿੱਤੀ।
ਗਿੱਦੜਬਾਹਾ, 2 ਜਨਵਰੀ
ਸਕੂਲ ਦੇ ਵਿਦਿਆਰਥੀਆਂ ਨੇ ਕੈਂਬਰਿਜ ਅੰਗਰੇਜ਼ੀ ਪ੍ਰੀਖਿਆ ਸ਼ਾਨਦਾਰ ਅੰਕਾਂ ਨਾਲ ਪਾਸ ਕੀਤੀ। ਸਕੂਲ ਪ੍ਰਬੰਧਕਾਂ ਨੇ ਵਿਦਿਆਰਥੀਆਂ ਅਤੇ ਮਾਪਿਆਂ ਨੂੰ ਵਧਾਈ ਦਿੱਤੀ।
ਗਿੱਦੜਬਾਹਾ, 2 ਜਨਵਰੀ
ਸਕੂਲ ਦੇ ਵਿਦਿਆਰਥੀਆਂ ਨੇ ਕੈਂਬਰਿਜ ਅੰਗਰੇਜ਼ੀ ਪ੍ਰੀਖਿਆ ਸ਼ਾਨਦਾਰ ਅੰਕਾਂ ਨਾਲ ਪਾਸ ਕੀਤੀ। ਸਕੂਲ ਪ੍ਰਬੰਧਕਾਂ ਨੇ ਵਿਦਿਆਰਥੀਆਂ ਅਤੇ ਮਾਪਿਆਂ ਨੂੰ ਵਧਾਈ ਦਿੱਤੀ।
